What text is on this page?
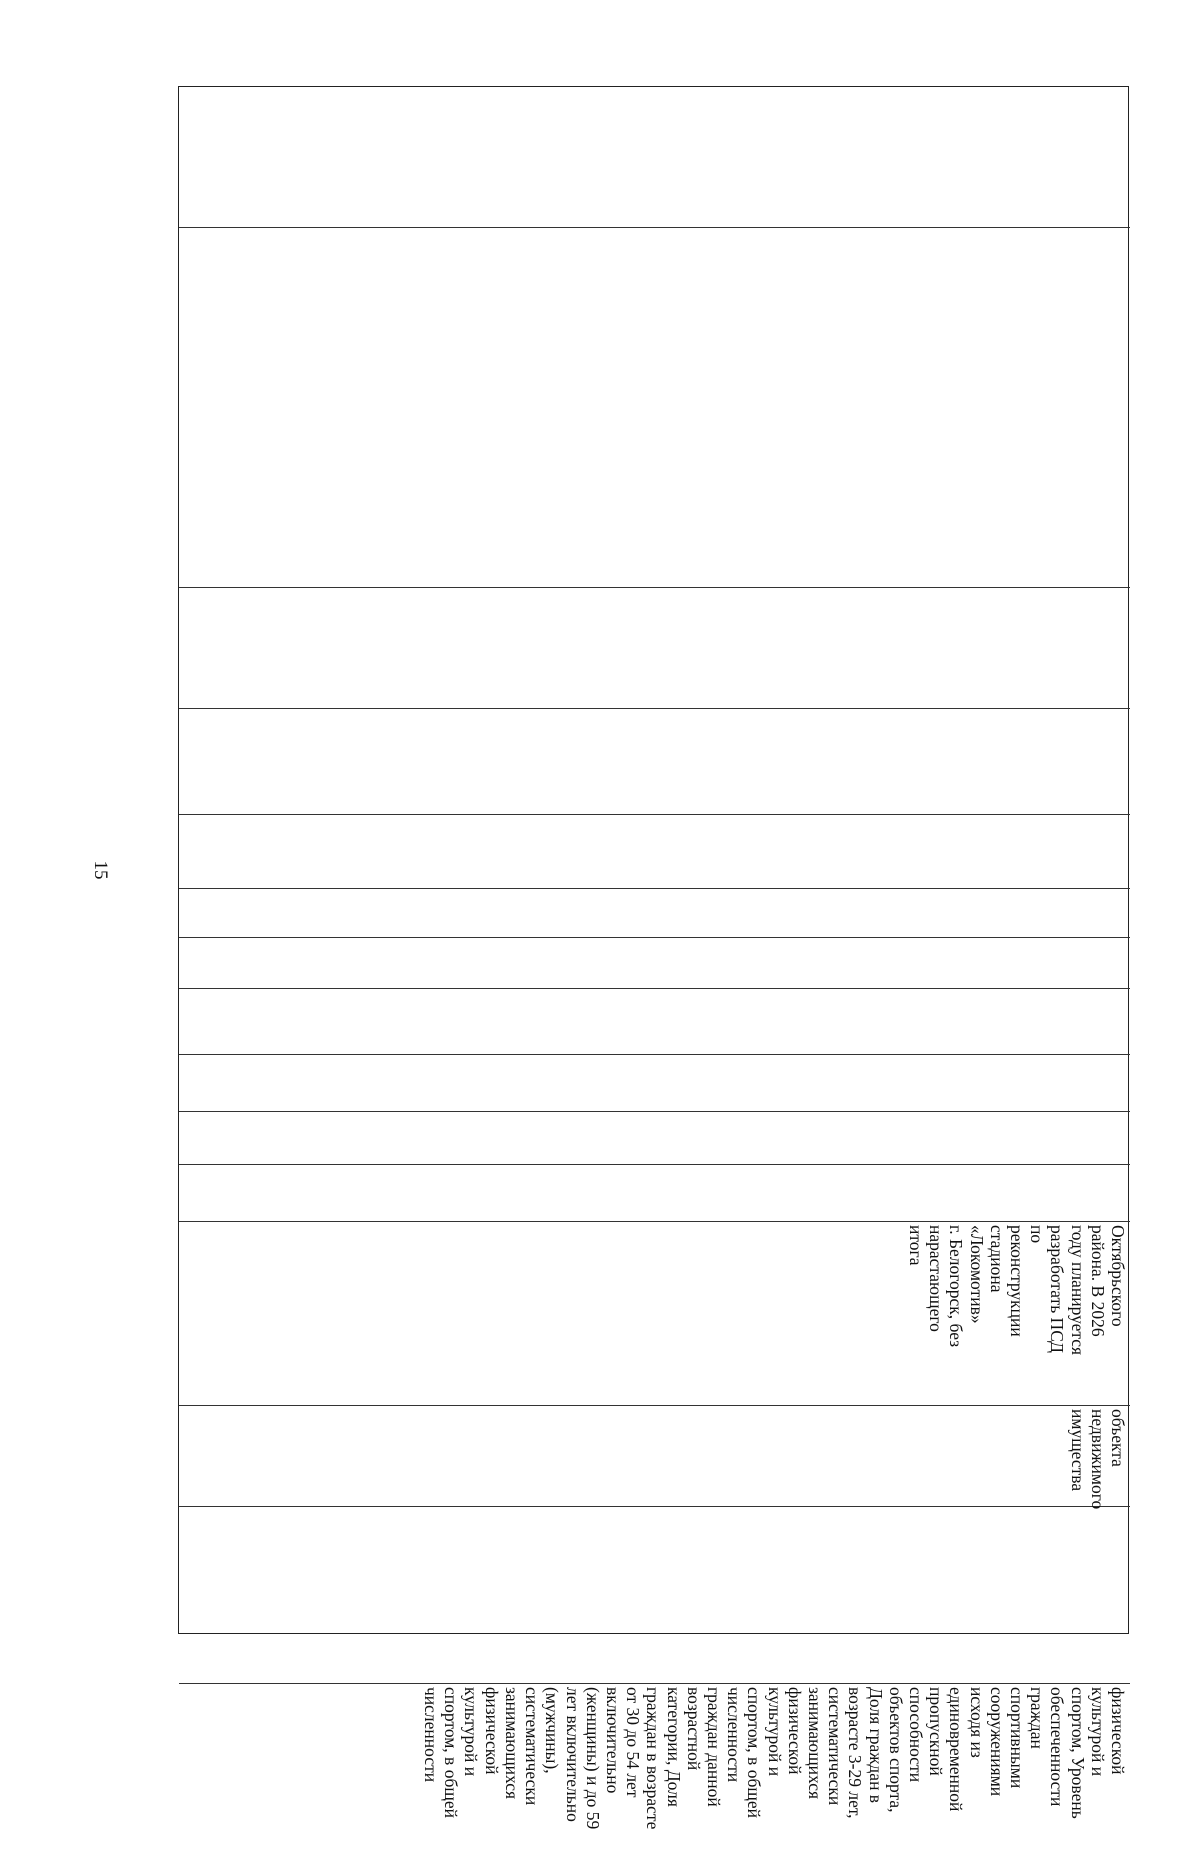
15
Октябрьского
района. В 2026
году планируется
разработать ПСД
по
реконструкции
стадиона
«Локомотив»
г. Белогорск, без
нарастающего
итога
объекта
недвижимого
имущества
физической
культурой и
спортом, Уровень
обеспеченности
граждан
спортивными
сооружениями
исходя из
единовременной
пропускной
способности
объектов спорта,
Доля граждан в
возрасте 3-29 лет,
систематически
занимающихся
физической
культурой и
спортом, в общей
численности
граждан данной
возрастной
категории, Доля
граждан в возрасте
от 30 до 54 лет
включительно
(женщины) и до 59
лет включительно
(мужчины),
систематически
занимающихся
физической
культурой и
спортом, в общей
численности
